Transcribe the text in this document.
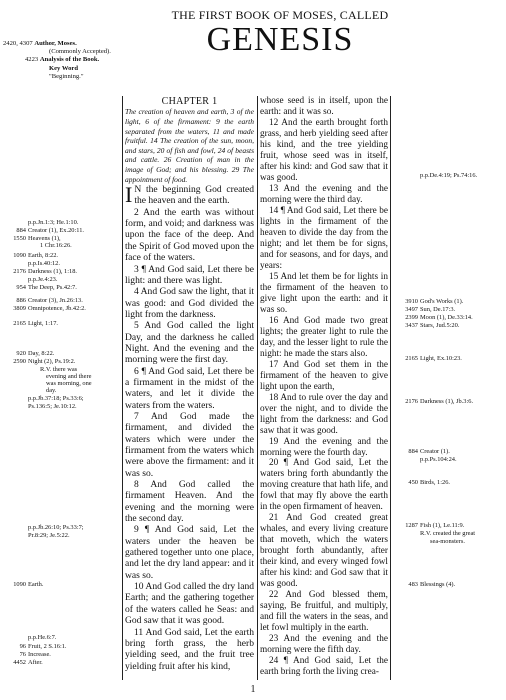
THE FIRST BOOK OF MOSES, CALLED
GENESIS
2420, 4307 Author, Moses.
(Commonly Accepted).
4223 Analysis of the Book.
Key Word
"Beginning."

CHAPTER 1

The creation of heaven and earth, 3 of the light, 6 of the firmament: 9 the earth separated from the waters, 11 and made fruitful. 14 The creation of the sun, moon, and stars, 20 of fish and fowl, 24 of beasts and cattle. 26 Creation of man in the image of God; and his blessing. 29 The appointment of food.

I N the beginning God created the heaven and the earth.

2 And the earth was without form, and void; and darkness was upon the face of the deep. And the Spirit of God moved upon the face of the waters.

3 ¶ And God said, Let there be light: and there was light.

4 And God saw the light, that it was good: and God divided the light from the darkness.

5 And God called the light Day, and the darkness he called Night. And the evening and the morning were the first day.

6 ¶ And God said, Let there be a firmament in the midst of the waters, and let it divide the waters from the waters.

7 And God made the firmament, and divided the waters which were under the firmament from the waters which were above the firmament: and it was so.

8 And God called the firmament Heaven. And the evening and the morning were the second day.

9 ¶ And God said, Let the waters under the heaven be gathered together unto one place, and let the dry land appear: and it was so.

10 And God called the dry land Earth; and the gathering together of the waters called he Seas: and God saw that it was good.

11 And God said, Let the earth bring forth grass, the herb yielding seed, and the fruit tree yielding fruit after his kind,

whose seed is in itself, upon the earth: and it was so.

12 And the earth brought forth grass, and herb yielding seed after his kind, and the tree yielding fruit, whose seed was in itself, after his kind: and God saw that it was good.

13 And the evening and the morning were the third day.

14 ¶ And God said, Let there be lights in the firmament of the heaven to divide the day from the night; and let them be for signs, and for seasons, and for days, and years:

15 And let them be for lights in the firmament of the heaven to give light upon the earth: and it was so.

16 And God made two great lights; the greater light to rule the day, and the lesser light to rule the night: he made the stars also.

17 And God set them in the firmament of the heaven to give light upon the earth,

18 And to rule over the day and over the night, and to divide the light from the darkness: and God saw that it was good.

19 And the evening and the morning were the fourth day.

20 ¶ And God said, Let the waters bring forth abundantly the moving creature that hath life, and fowl that may fly above the earth in the open firmament of heaven.

21 And God created great whales, and every living creature that moveth, which the waters brought forth abundantly, after their kind, and every winged fowl after his kind: and God saw that it was good.

22 And God blessed them, saying, Be fruitful, and multiply, and fill the waters in the seas, and let fowl multiply in the earth.

23 And the evening and the morning were the fifth day.

24 ¶ And God said, Let the earth bring forth the living crea-

p.p.Jn.1:3; He.1:10.
884 Creator (1), Ex.20:11.
1550 Heavens (1),
1 Chr.16:26.
1090 Earth, 8:22.
p.p.Is.40:12.
2176 Darkness (1), 1:18.
p.p.Je.4:23.
954 The Deep, Ps.42:7.
886 Creator (3), Jn.26:13.
3809 Omnipotence, Jb.42:2.
2165 Light, 1:17.
920 Day, 8:22.
2590 Night (2), Ps.19:2.
R.V. there was
evening and there
was morning, one
day.
p.p.Jb.37:18; Ps.33:6;
Ps.136:5; Je.10:12.
p.p.Jb.26:10; Ps.33:7;
Pr.8:29; Je.5:22.
1090 Earth.
p.p.He.6:7.
96 Fruit, 2 S.16:1.
76 Increase.
4452 After.
p.p.De.4:19; Ps.74:16.
3910 God's Works (1).
3497 Sun, De.17:3.
2399 Moon (1), De.33:14.
3437 Stars, Jud.5:20.
2165 Light, Ex.10:23.
2176 Darkness (1), Jb.3:6.
884 Creator (1).
p.p.Ps.104:24.
450 Birds, 1:26.
1287 Fish (1), Le.11:9.
R.V. created the great
sea-monsters.
483 Blessings (4).
1
